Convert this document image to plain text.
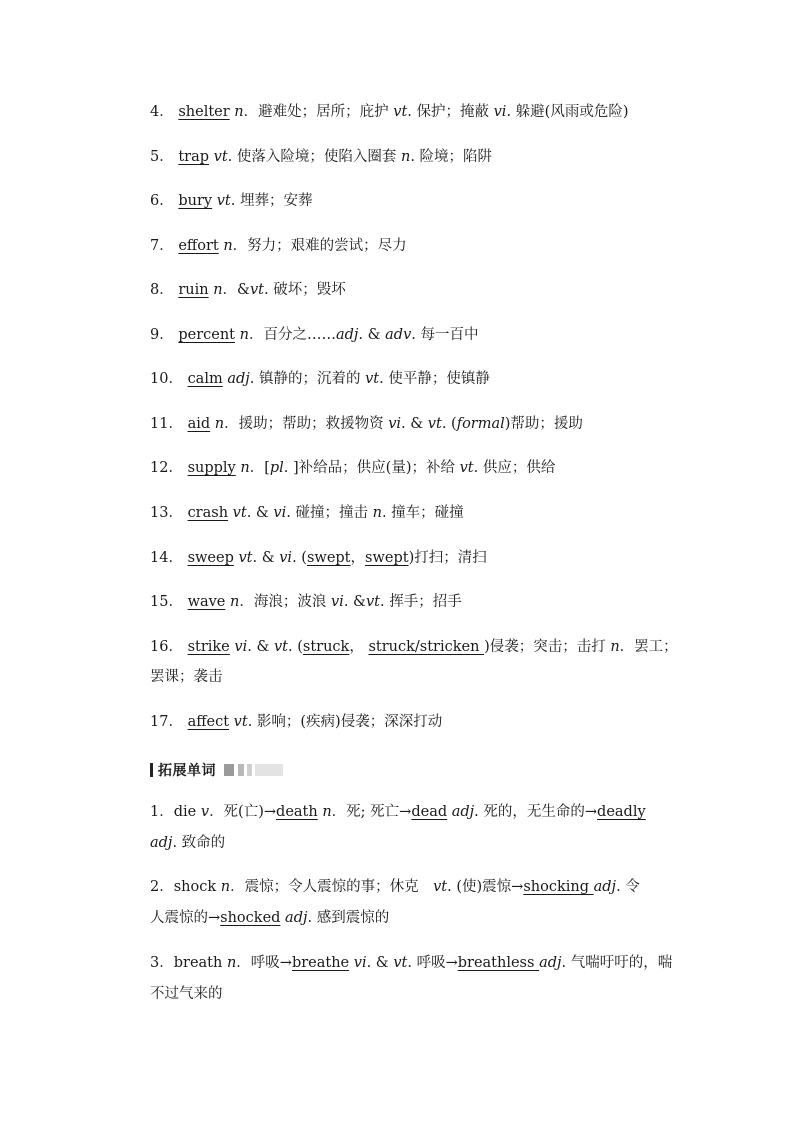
4． shelter n．避难处；居所；庇护 vt. 保护；掩蔽 vi. 躲避(风雨或危险)
5． trap vt. 使落入险境；使陷入圈套 n. 险境；陷阱
6． bury vt. 埋葬；安葬
7． effort n．努力；艰难的尝试；尽力
8． ruin n．&vt. 破坏；毁坏
9． percent n．百分之……adj. & adv. 每一百中
10． calm adj. 镇静的；沉着的 vt. 使平静；使镇静
11． aid n．援助；帮助；救援物资 vi. & vt. (formal)帮助；援助
12． supply n．[pl. ]补给品；供应(量)；补给 vt. 供应；供给
13． crash vt. & vi. 碰撞；撞击 n. 撞车；碰撞
14． sweep vt. & vi. (swept，swept)打扫；清扫
15． wave n．海浪；波浪 vi. &vt. 挥手；招手
16． strike vi. & vt. (struck， struck/stricken )侵袭；突击；击打 n．罢工；
罢课；袭击
17． affect vt. 影响；(疾病)侵袭；深深打动
拓展单词
1．die v．死(亡)→death n．死; 死亡→dead adj. 死的，无生命的→deadly
adj. 致命的
2．shock n．震惊；令人震惊的事；休克　vt. (使)震惊→shocking adj. 令
人震惊的→shocked adj. 感到震惊的
3．breath n．呼吸→breathe vi. & vt. 呼吸→breathless adj. 气喘吁吁的，喘
不过气来的
